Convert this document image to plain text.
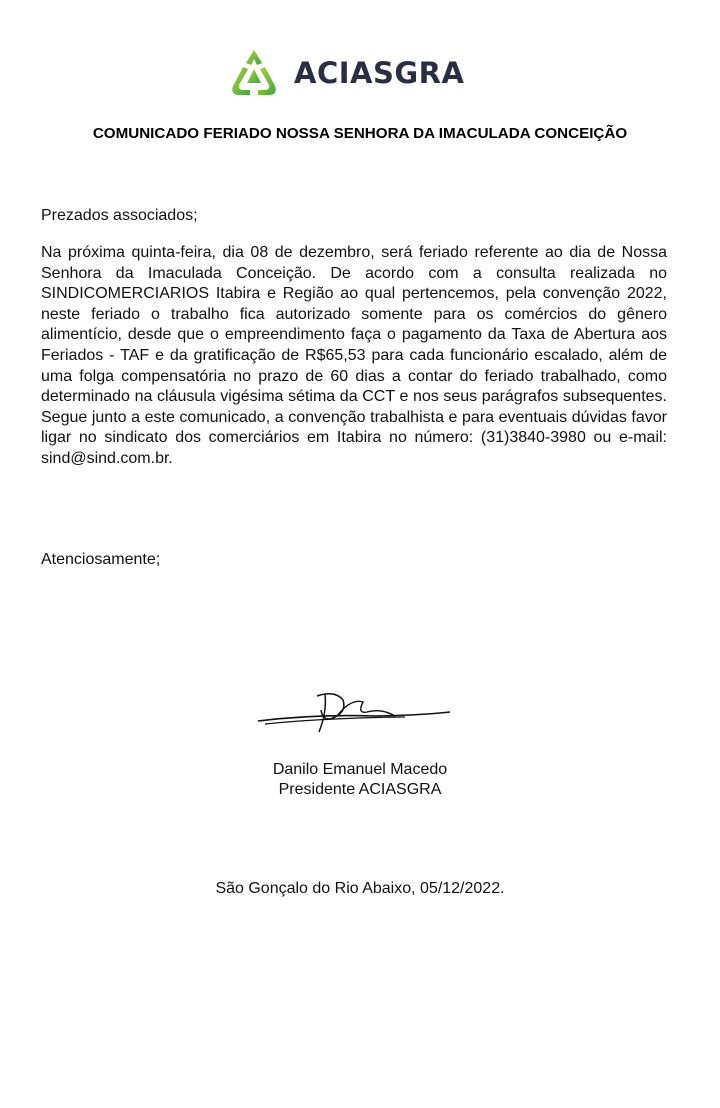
ACIASGRA
COMUNICADO FERIADO NOSSA SENHORA DA IMACULADA CONCEIÇÃO
Prezados associados;
Na próxima quinta-feira, dia 08 de dezembro, será feriado referente ao dia de Nossa Senhora da Imaculada Conceição. De acordo com a consulta realizada no SINDICOMERCIARIOS Itabira e Região ao qual pertencemos, pela convenção 2022, neste feriado o trabalho fica autorizado somente para os comércios do gênero alimentício, desde que o empreendimento faça o pagamento da Taxa de Abertura aos Feriados - TAF e da gratificação de R$65,53 para cada funcionário escalado, além de uma folga compensatória no prazo de 60 dias a contar do feriado trabalhado, como determinado na cláusula vigésima sétima da CCT e nos seus parágrafos subsequentes. Segue junto a este comunicado, a convenção trabalhista e para eventuais dúvidas favor ligar no sindicato dos comerciários em Itabira no número: (31)3840-3980 ou e-mail: sind@sind.com.br.
Atenciosamente;
Danilo Emanuel Macedo
Presidente ACIASGRA
São Gonçalo do Rio Abaixo, 05/12/2022.
